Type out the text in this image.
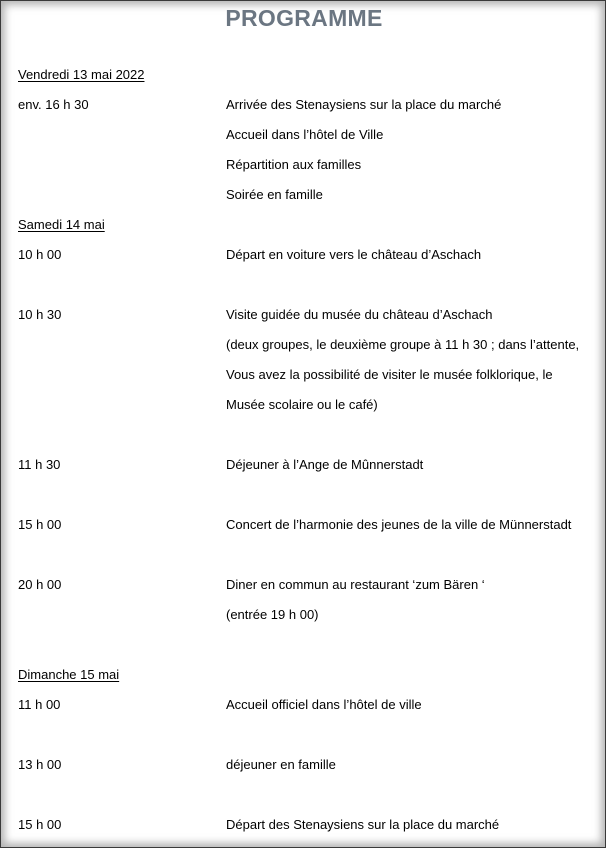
PROGRAMME
Vendredi 13 mai 2022
env. 16 h 30	Arrivée des Stenaysiens sur la place du marché
Accueil dans l’hôtel de Ville
Répartition aux familles
Soirée en famille
Samedi 14 mai
10 h 00	Départ en voiture vers le château d’Aschach
10 h 30	Visite guidée du musée du château d’Aschach
(deux groupes, le deuxième groupe à 11 h 30 ; dans l’attente,
Vous avez la possibilité de visiter le musée folklorique, le
Musée scolaire ou le café)
11 h 30	Déjeuner à l’Ange de Mûnnerstadt
15 h 00	Concert de l’harmonie des jeunes de la ville de Münnerstadt
20 h 00	Diner en commun au restaurant ‘zum Bären ‘
(entrée 19 h 00)
Dimanche 15 mai
11 h 00	Accueil officiel dans l’hôtel de ville
13 h 00	déjeuner en famille
15 h 00	Départ des Stenaysiens sur la place du marché
